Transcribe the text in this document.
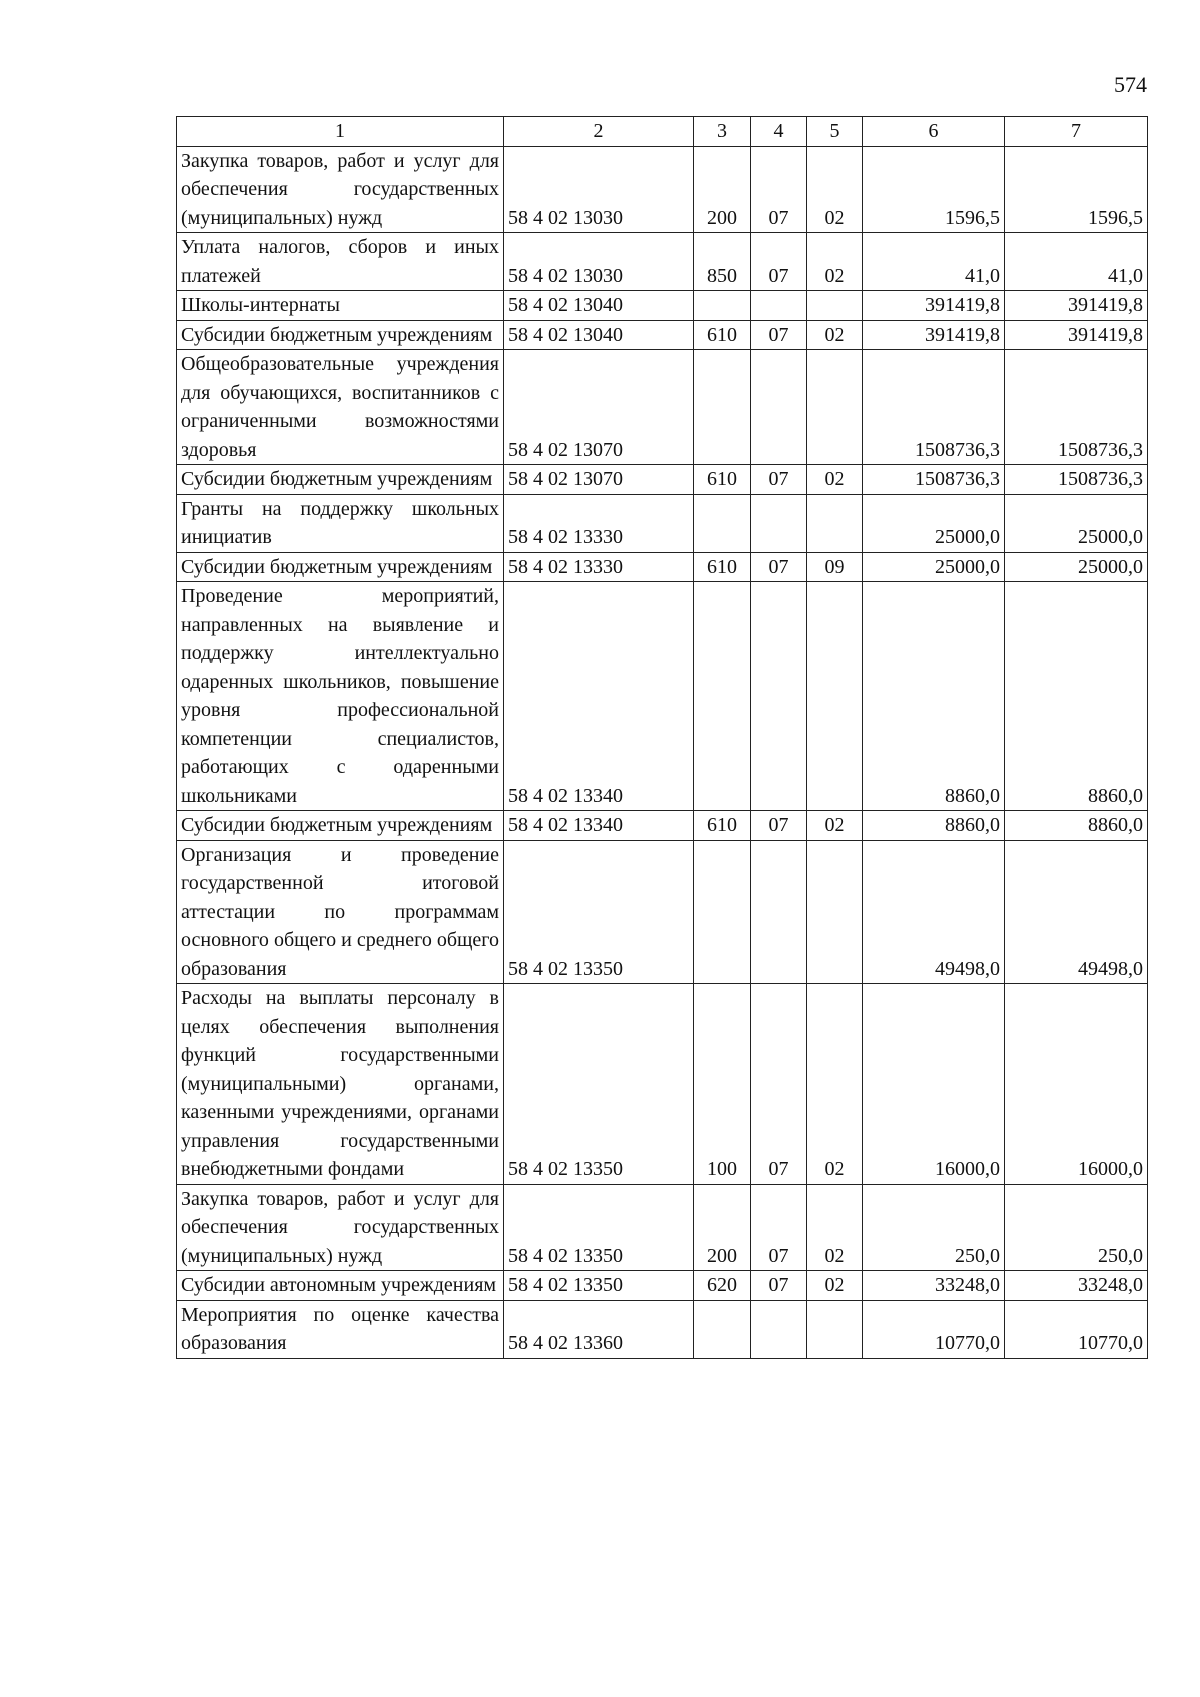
574
1	2	3	4	5	6	7
Закупка товаров, работ и услуг для обеспечения государственных (муниципальных) нужд	58 4 02 13030	200	07	02	1596,5	1596,5
Уплата налогов, сборов и иных платежей	58 4 02 13030	850	07	02	41,0	41,0
Школы-интернаты	58 4 02 13040				391419,8	391419,8
Субсидии бюджетным учреждениям	58 4 02 13040	610	07	02	391419,8	391419,8
Общеобразовательные учреждения для обучающихся, воспитанников с ограниченными возможностями здоровья	58 4 02 13070				1508736,3	1508736,3
Субсидии бюджетным учреждениям	58 4 02 13070	610	07	02	1508736,3	1508736,3
Гранты на поддержку школьных инициатив	58 4 02 13330				25000,0	25000,0
Субсидии бюджетным учреждениям	58 4 02 13330	610	07	09	25000,0	25000,0
Проведение мероприятий, направленных на выявление и поддержку интеллектуально одаренных школьников, повышение уровня профессиональной компетенции специалистов, работающих с одаренными школьниками	58 4 02 13340				8860,0	8860,0
Субсидии бюджетным учреждениям	58 4 02 13340	610	07	02	8860,0	8860,0
Организация и проведение государственной итоговой аттестации по программам основного общего и среднего общего образования	58 4 02 13350				49498,0	49498,0
Расходы на выплаты персоналу в целях обеспечения выполнения функций государственными (муниципальными) органами, казенными учреждениями, органами управления государственными внебюджетными фондами	58 4 02 13350	100	07	02	16000,0	16000,0
Закупка товаров, работ и услуг для обеспечения государственных (муниципальных) нужд	58 4 02 13350	200	07	02	250,0	250,0
Субсидии автономным учреждениям	58 4 02 13350	620	07	02	33248,0	33248,0
Мероприятия по оценке качества образования	58 4 02 13360				10770,0	10770,0
